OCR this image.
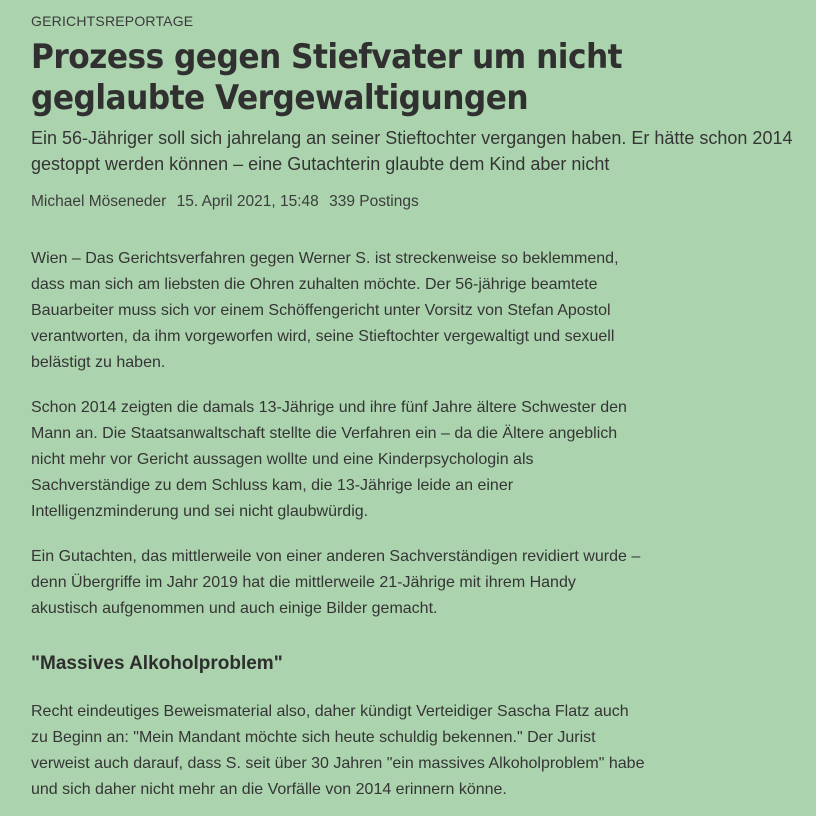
GERICHTSREPORTAGE
Prozess gegen Stiefvater um nicht geglaubte Vergewaltigungen

Ein 56-Jähriger soll sich jahrelang an seiner Stieftochter vergangen haben. Er hätte schon 2014 gestoppt werden können – eine Gutachterin glaubte dem Kind aber nicht

Michael Möseneder 15. April 2021, 15:48 339 Postings

Wien – Das Gerichtsverfahren gegen Werner S. ist streckenweise so beklemmend, dass man sich am liebsten die Ohren zuhalten möchte. Der 56-jährige beamtete Bauarbeiter muss sich vor einem Schöffengericht unter Vorsitz von Stefan Apostol verantworten, da ihm vorgeworfen wird, seine Stieftochter vergewaltigt und sexuell belästigt zu haben.

Schon 2014 zeigten die damals 13-Jährige und ihre fünf Jahre ältere Schwester den Mann an. Die Staatsanwaltschaft stellte die Verfahren ein – da die Ältere angeblich nicht mehr vor Gericht aussagen wollte und eine Kinderpsychologin als Sachverständige zu dem Schluss kam, die 13-Jährige leide an einer Intelligenzminderung und sei nicht glaubwürdig.

Ein Gutachten, das mittlerweile von einer anderen Sachverständigen revidiert wurde – denn Übergriffe im Jahr 2019 hat die mittlerweile 21-Jährige mit ihrem Handy akustisch aufgenommen und auch einige Bilder gemacht.

"Massives Alkoholproblem"

Recht eindeutiges Beweismaterial also, daher kündigt Verteidiger Sascha Flatz auch zu Beginn an: "Mein Mandant möchte sich heute schuldig bekennen." Der Jurist verweist auch darauf, dass S. seit über 30 Jahren "ein massives Alkoholproblem" habe und sich daher nicht mehr an die Vorfälle von 2014 erinnern könne.
